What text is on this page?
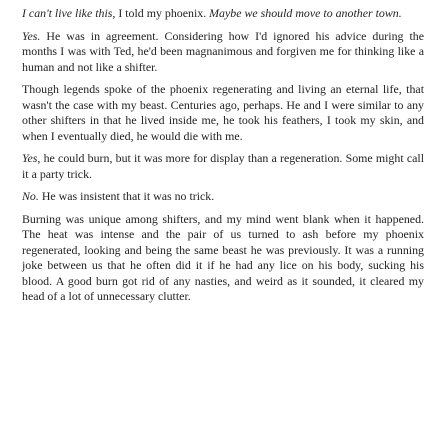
I can't live like this, I told my phoenix. Maybe we should move to another town.

Yes. He was in agreement. Considering how I'd ignored his advice during the months I was with Ted, he'd been magnanimous and forgiven me for thinking like a human and not like a shifter.

Though legends spoke of the phoenix regenerating and living an eternal life, that wasn't the case with my beast. Centuries ago, perhaps. He and I were similar to any other shifters in that he lived inside me, he took his feathers, I took my skin, and when I eventually died, he would die with me.

Yes, he could burn, but it was more for display than a regeneration. Some might call it a party trick.

No. He was insistent that it was no trick.

Burning was unique among shifters, and my mind went blank when it happened. The heat was intense and the pair of us turned to ash before my phoenix regenerated, looking and being the same beast he was previously. It was a running joke between us that he often did it if he had any lice on his body, sucking his blood. A good burn got rid of any nasties, and weird as it sounded, it cleared my head of a lot of unnecessary clutter.
